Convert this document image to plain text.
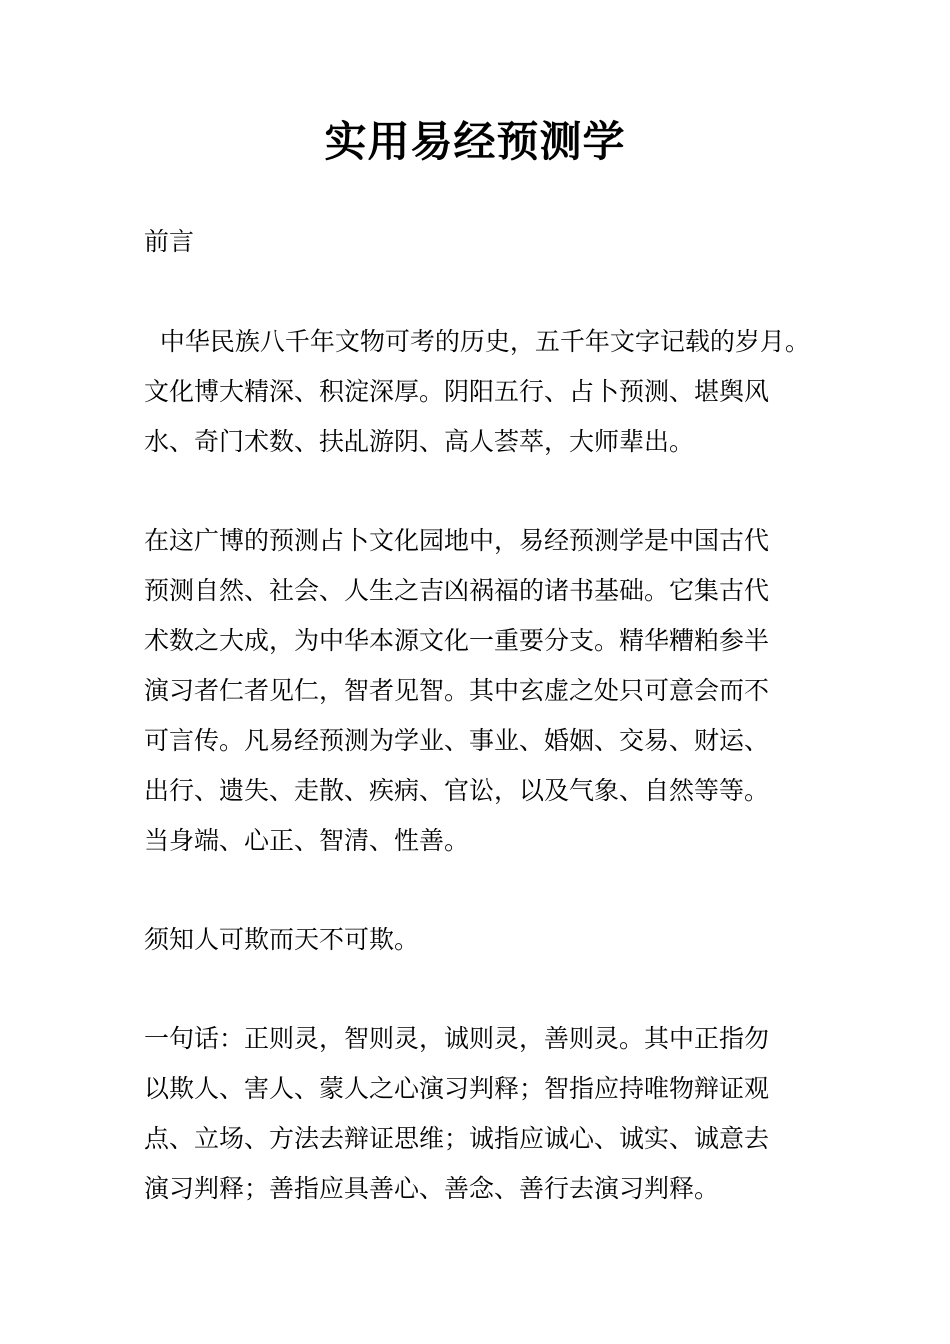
实用易经预测学
前言
中华民族八千年文物可考的历史，五千年文字记载的岁月。
文化博大精深、积淀深厚。阴阳五行、占卜预测、堪舆风
水、奇门术数、扶乩游阴、高人荟萃，大师辈出。
在这广博的预测占卜文化园地中，易经预测学是中国古代
预测自然、社会、人生之吉凶祸福的诸书基础。它集古代
术数之大成，为中华本源文化一重要分支。精华糟粕参半
演习者仁者见仁，智者见智。其中玄虚之处只可意会而不
可言传。凡易经预测为学业、事业、婚姻、交易、财运、
出行、遗失、走散、疾病、官讼，以及气象、自然等等。
当身端、心正、智清、性善。
须知人可欺而天不可欺。
一句话：正则灵，智则灵，诚则灵，善则灵。其中正指勿
以欺人、害人、蒙人之心演习判释；智指应持唯物辩证观
点、立场、方法去辩证思维；诚指应诚心、诚实、诚意去
演习判释；善指应具善心、善念、善行去演习判释。
